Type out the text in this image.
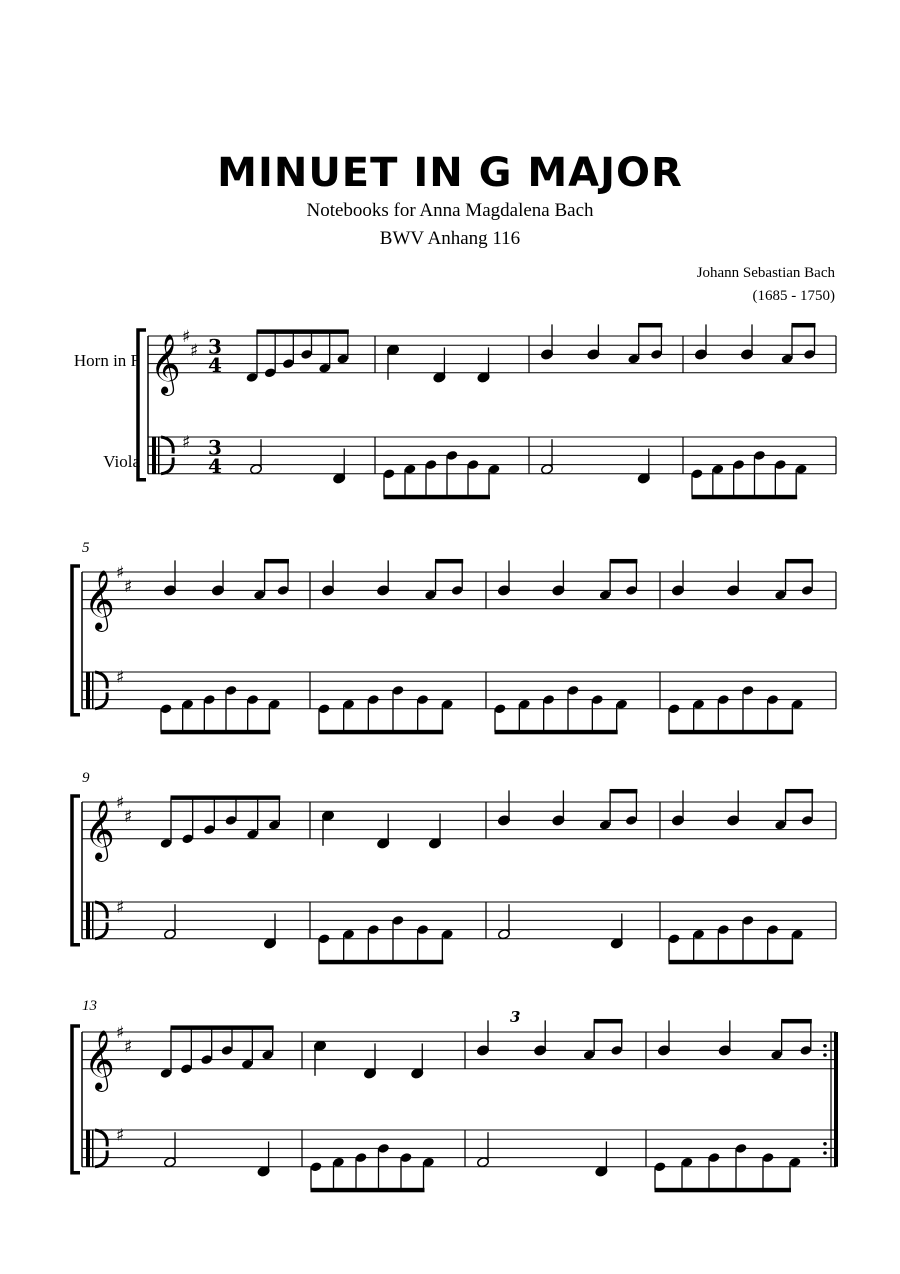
MINUET IN G MAJOR
Notebooks for Anna Magdalena Bach
BWV Anhang 116
Johann Sebastian Bach
(1685 - 1750)
Horn in F
Viola
5
9
13
𝄞 ♯
♯
♯
3
4
3
4
𝄞 ♯
♯
♯
𝄞 ♯
♯
♯
𝄞 ♯
♯
♯
3
